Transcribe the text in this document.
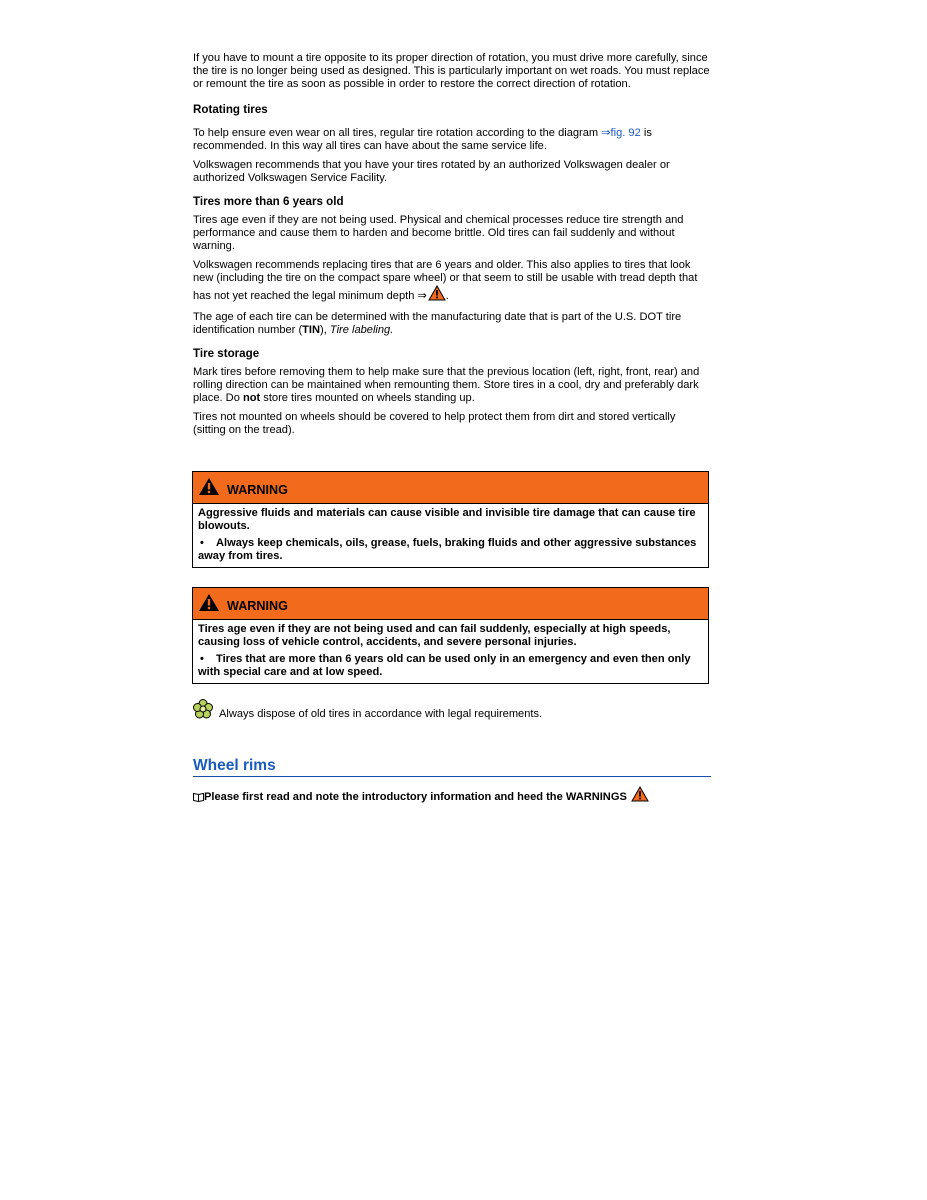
If you have to mount a tire opposite to its proper direction of rotation, you must drive more carefully, since the tire is no longer being used as designed. This is particularly important on wet roads. You must replace or remount the tire as soon as possible in order to restore the correct direction of rotation.

Rotating tires

To help ensure even wear on all tires, regular tire rotation according to the diagram ⇒fig. 92 is recommended. In this way all tires can have about the same service life.

Volkswagen recommends that you have your tires rotated by an authorized Volkswagen dealer or authorized Volkswagen Service Facility.

Tires more than 6 years old

Tires age even if they are not being used. Physical and chemical processes reduce tire strength and performance and cause them to harden and become brittle. Old tires can fail suddenly and without warning.

Volkswagen recommends replacing tires that are 6 years and older. This also applies to tires that look new (including the tire on the compact spare wheel) or that seem to still be usable with tread depth that has not yet reached the legal minimum depth ⇒ .

The age of each tire can be determined with the manufacturing date that is part of the U.S. DOT tire identification number (TIN), Tire labeling.

Tire storage

Mark tires before removing them to help make sure that the previous location (left, right, front, rear) and rolling direction can be maintained when remounting them. Store tires in a cool, dry and preferably dark place. Do not store tires mounted on wheels standing up.

Tires not mounted on wheels should be covered to help protect them from dirt and stored vertically (sitting on the tread).

WARNING
Aggressive fluids and materials can cause visible and invisible tire damage that can cause tire blowouts.
• Always keep chemicals, oils, grease, fuels, braking fluids and other aggressive substances away from tires.
WARNING
Tires age even if they are not being used and can fail suddenly, especially at high speeds, causing loss of vehicle control, accidents, and severe personal injuries.
• Tires that are more than 6 years old can be used only in an emergency and even then only with special care and at low speed.
Always dispose of old tires in accordance with legal requirements.
Wheel rims
Please first read and note the introductory information and heed the WARNINGS
